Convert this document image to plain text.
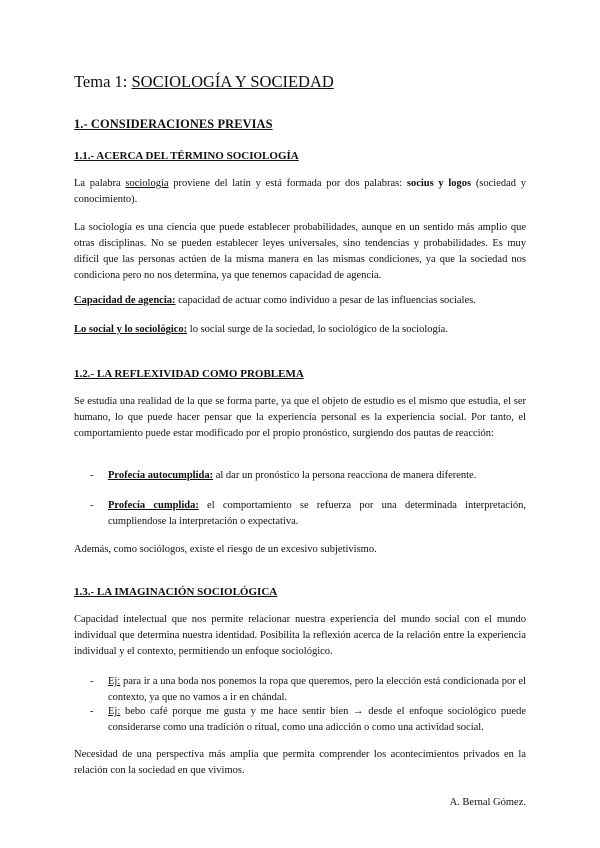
Tema 1: SOCIOLOGÍA Y SOCIEDAD
1.- CONSIDERACIONES PREVIAS
1.1.- ACERCA DEL TÉRMINO SOCIOLOGÍA

La palabra sociología proviene del latín y está formada por dos palabras: socius y logos (sociedad y conocimiento).

La sociología es una ciencia que puede establecer probabilidades, aunque en un sentido más amplio que otras disciplinas. No se pueden establecer leyes universales, sino tendencias y probabilidades. Es muy difícil que las personas actúen de la misma manera en las mismas condiciones, ya que la sociedad nos condiciona pero no nos determina, ya que tenemos capacidad de agencia.

Capacidad de agencia: capacidad de actuar como individuo a pesar de las influencias sociales.

Lo social y lo sociológico: lo social surge de la sociedad, lo sociológico de la sociología.

1.2.- LA REFLEXIVIDAD COMO PROBLEMA

Se estudia una realidad de la que se forma parte, ya que el objeto de estudio es el mismo que estudia, el ser humano, lo que puede hacer pensar que la experiencia personal es la experiencia social. Por tanto, el comportamiento puede estar modificado por el propio pronóstico, surgiendo dos pautas de reacción:

- Profecía autocumplida: al dar un pronóstico la persona reacciona de manera diferente.
- Profecía cumplida: el comportamiento se refuerza por una determinada interpretación, cumpliendose la interpretación o expectativa.

Además, como sociólogos, existe el riesgo de un excesivo subjetivismo.

1.3.- LA IMAGINACIÓN SOCIOLÓGICA

Capacidad intelectual que nos permite relacionar nuestra experiencia del mundo social con el mundo individual que determina nuestra identidad. Posibilita la reflexión acerca de la relación entre la experiencia individual y el contexto, permitiendo un enfoque sociológico.

- Ej: para ir a una boda nos ponemos la ropa que queremos, pero la elección está condicionada por el contexto, ya que no vamos a ir en chándal.
- Ej: bebo café porque me gusta y me hace sentir bien → desde el enfoque sociológico puede considerarse como una tradición o ritual, como una adicción o como una actividad social.

Necesidad de una perspectiva más amplia que permita comprender los acontecimientos privados en la relación con la sociedad en que vivimos.

A. Bernal Gómez.
